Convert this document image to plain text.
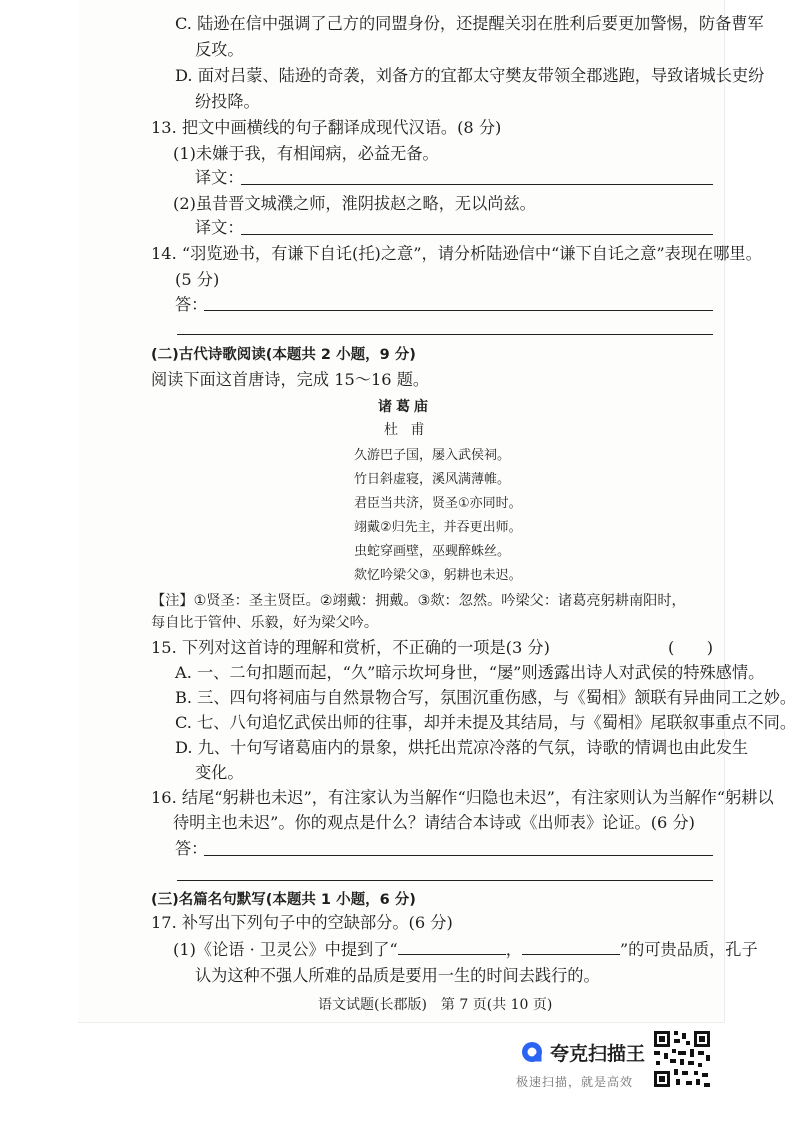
C. 陆逊在信中强调了己方的同盟身份，还提醒关羽在胜利后要更加警惕，防备曹军
反攻。
D. 面对吕蒙、陆逊的奇袭，刘备方的宜都太守樊友带领全郡逃跑，导致诸城长吏纷
纷投降。
13. 把文中画横线的句子翻译成现代汉语。(8 分)
(1)未嫌于我，有相闻病，必益无备。
译文：
(2)虽昔晋文城濮之师，淮阴拔赵之略，无以尚兹。
译文：
14. “羽览逊书，有谦下自讬(托)之意”，请分析陆逊信中“谦下自讬之意”表现在哪里。
(5 分)
答：
(二)古代诗歌阅读(本题共 2 小题，9 分)
阅读下面这首唐诗，完成 15～16 题。
诸葛庙
杜 甫
久游巴子国，屡入武侯祠。
竹日斜虚寝，溪风满薄帷。
君臣当共济，贤圣①亦同时。
翊戴②归先主，并吞更出师。
虫蛇穿画壁，巫觋醉蛛丝。
欻忆吟梁父③，躬耕也未迟。
【注】①贤圣：圣主贤臣。②翊戴：拥戴。③欻：忽然。吟梁父：诸葛亮躬耕南阳时，
每自比于管仲、乐毅，好为梁父吟。
15. 下列对这首诗的理解和赏析，不正确的一项是(3 分)	(　　)
A. 一、二句扣题而起，“久”暗示坎坷身世，“屡”则透露出诗人对武侯的特殊感情。
B. 三、四句将祠庙与自然景物合写，氛围沉重伤感，与《蜀相》颔联有异曲同工之妙。
C. 七、八句追忆武侯出师的往事，却并未提及其结局，与《蜀相》尾联叙事重点不同。
D. 九、十句写诸葛庙内的景象，烘托出荒凉冷落的气氛，诗歌的情调也由此发生
变化。
16. 结尾“躬耕也未迟”，有注家认为当解作“归隐也未迟”，有注家则认为当解作“躬耕以
待明主也未迟”。你的观点是什么？请结合本诗或《出师表》论证。(6 分)
答：
(三)名篇名句默写(本题共 1 小题，6 分)
17. 补写出下列句子中的空缺部分。(6 分)
(1)《论语 · 卫灵公》中提到了“	，	”的可贵品质，孔子
认为这种不强人所难的品质是要用一生的时间去践行的。
语文试题(长郡版)　第 7 页(共 10 页)
夸克扫描王
极速扫描，就是高效
